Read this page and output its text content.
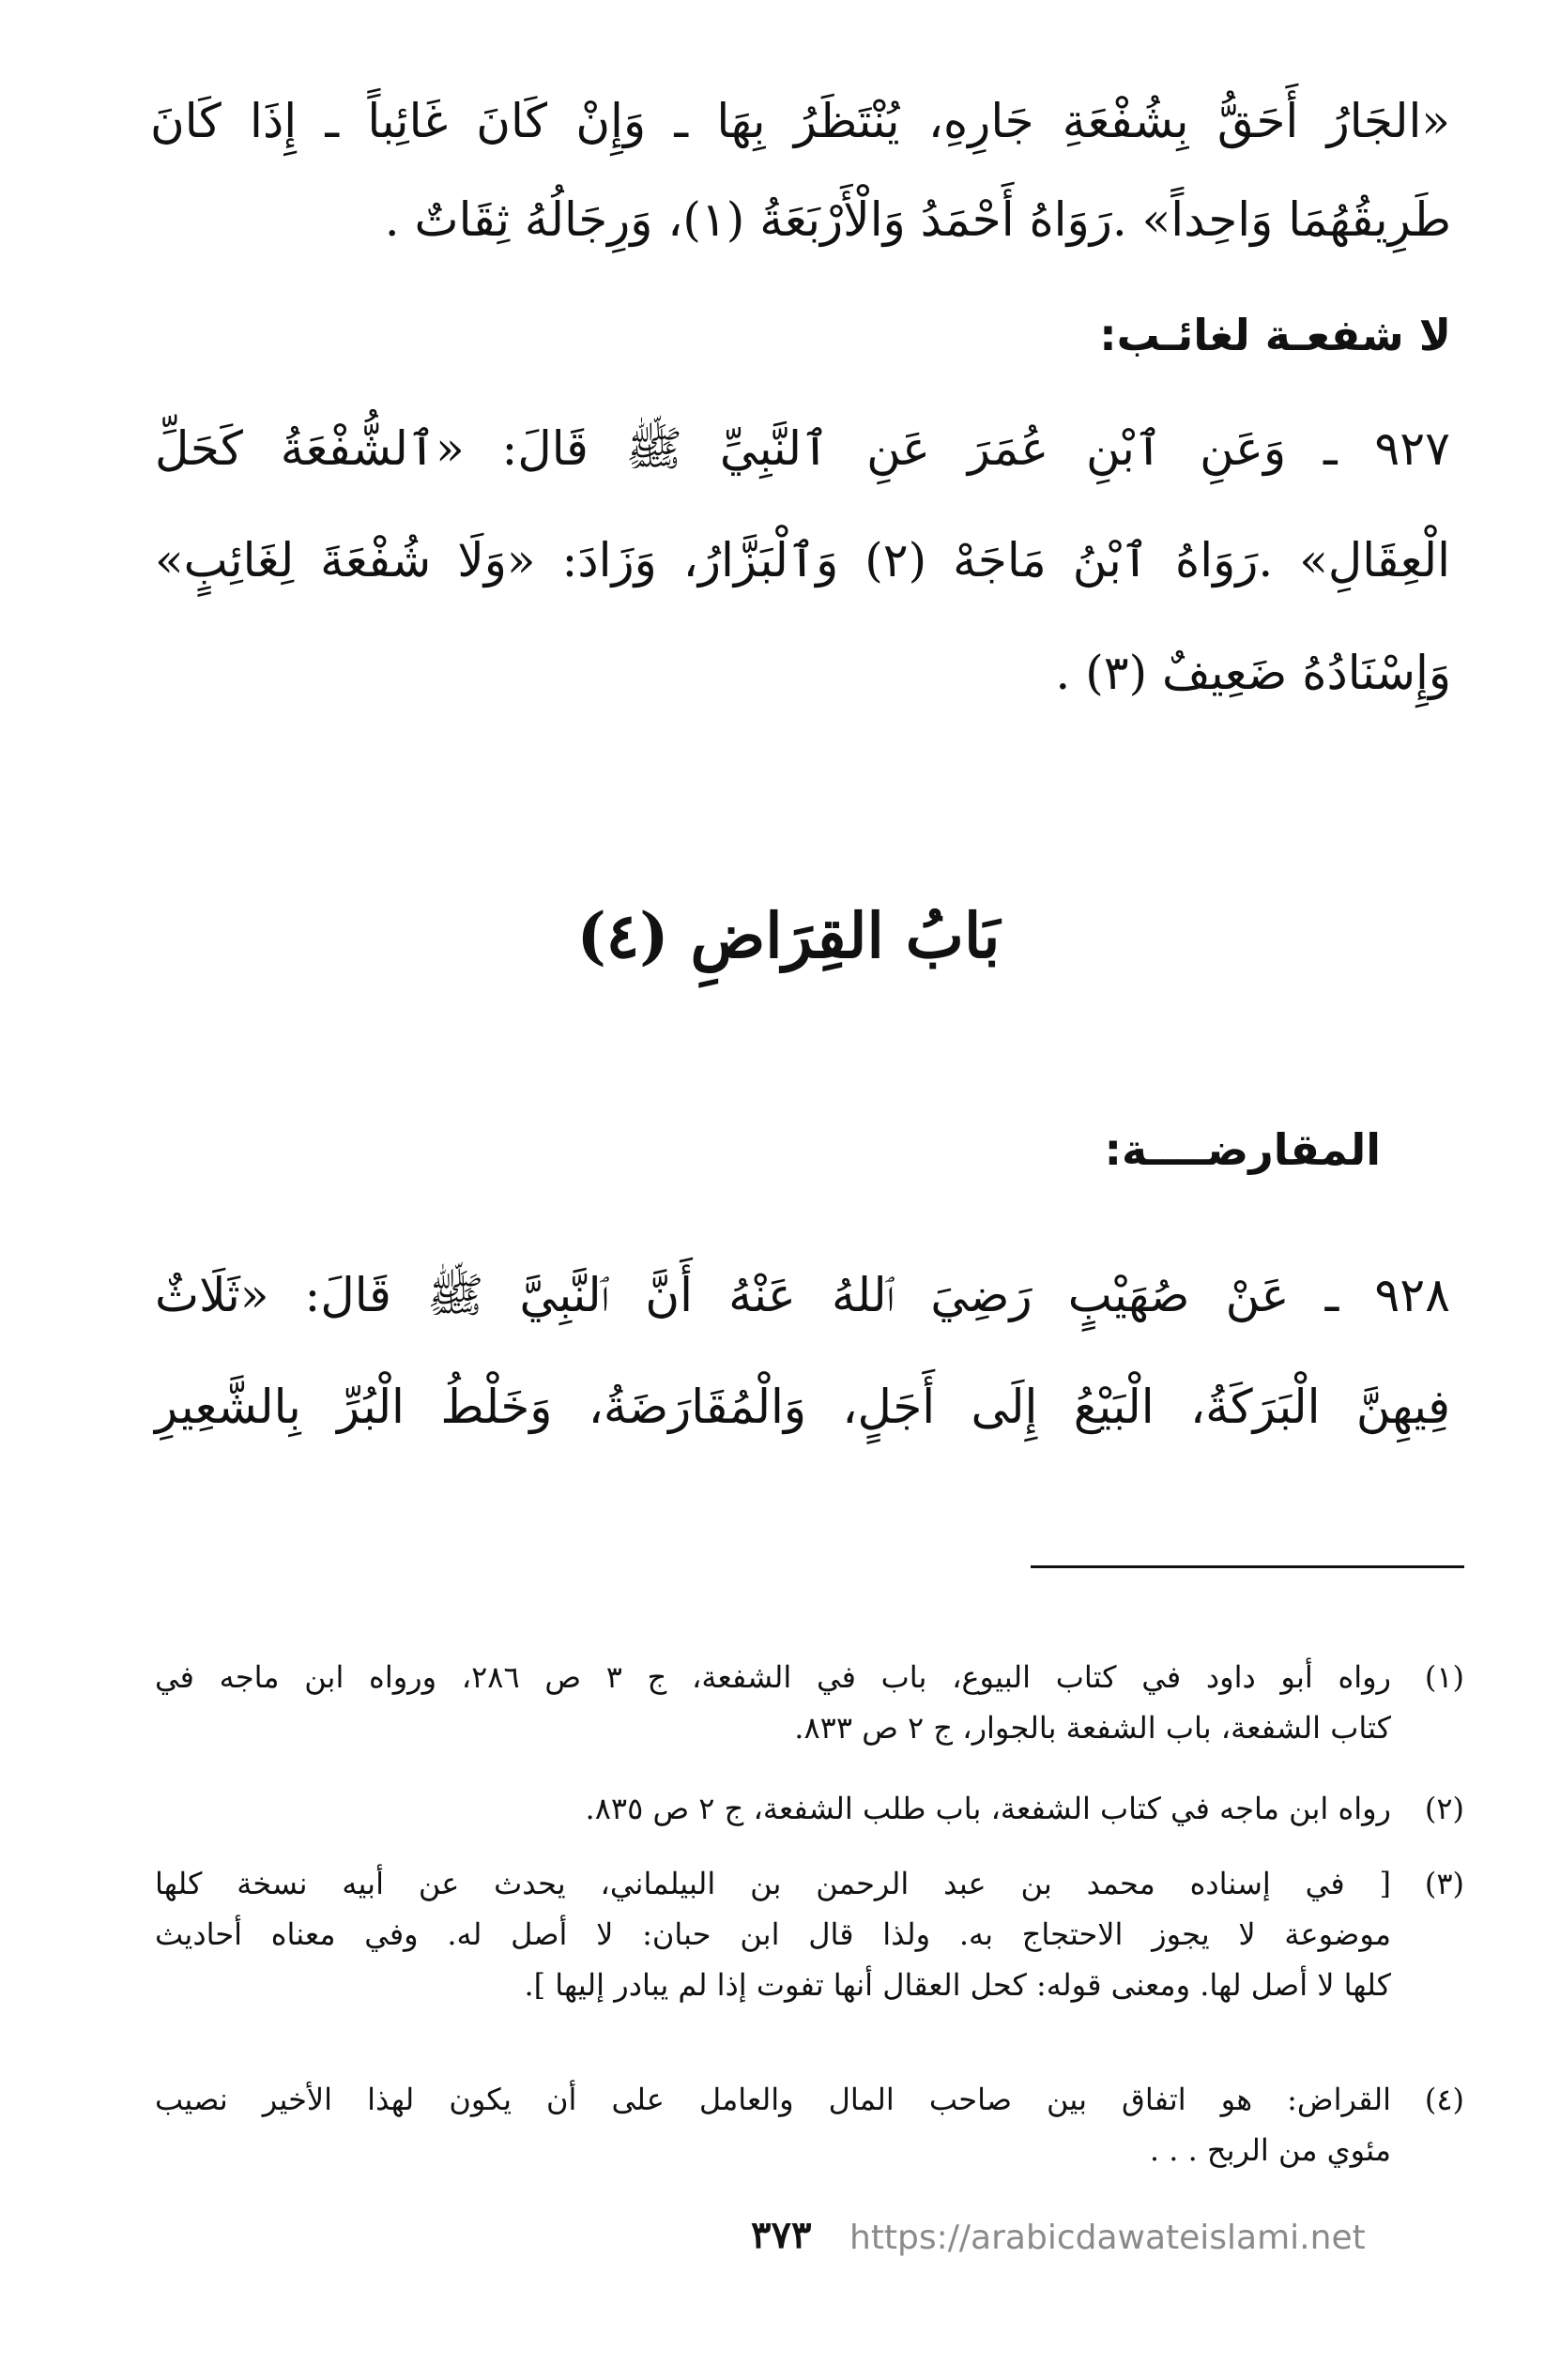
«الجَارُ أَحَقُّ بِشُفْعَةِ جَارِهِ، يُنْتَظَرُ بِهَا ـ وَإِنْ كَانَ غَائِباً ـ إِذَا كَانَ
طَرِيقُهُمَا وَاحِداً» .رَوَاهُ أَحْمَدُ وَالْأَرْبَعَةُ (١)، وَرِجَالُهُ ثِقَاتٌ .
لا شفعـة لغائـب:
٩٢٧ ـ وَعَنِ ٱبْنِ عُمَرَ عَنِ ٱلنَّبِيِّ ﷺ قَالَ: «ٱلشُّفْعَةُ كَحَلِّ
الْعِقَالِ» .رَوَاهُ ٱبْنُ مَاجَهْ (٢) وَٱلْبَزَّارُ، وَزَادَ: «وَلَا شُفْعَةَ لِغَائِبٍ»
وَإِسْنَادُهُ ضَعِيفٌ (٣) .
بَابُ القِرَاضِ (٤)
المقارضــــة:
٩٢٨ ـ عَنْ صُهَيْبٍ رَضِيَ ٱللهُ عَنْهُ أَنَّ ٱلنَّبِيَّ ﷺ قَالَ: «ثَلَاثٌ
فِيهِنَّ الْبَرَكَةُ، الْبَيْعُ إِلَى أَجَلٍ، وَالْمُقَارَضَةُ، وَخَلْطُ الْبُرِّ بِالشَّعِيرِ
(١)
رواه أبو داود في كتاب البيوع، باب في الشفعة، ج ٣ ص ٢٨٦، ورواه ابن ماجه في
كتاب الشفعة، باب الشفعة بالجوار، ج ٢ ص ٨٣٣.
(٢)
رواه ابن ماجه في كتاب الشفعة، باب طلب الشفعة، ج ٢ ص ٨٣٥.
(٣)
[ في إسناده محمد بن عبد الرحمن بن البيلماني، يحدث عن أبيه نسخة كلها
موضوعة لا يجوز الاحتجاج به. ولذا قال ابن حبان: لا أصل له. وفي معناه أحاديث
كلها لا أصل لها. ومعنى قوله: كحل العقال أنها تفوت إذا لم يبادر إليها ].
(٤)
القراض: هو اتفاق بين صاحب المال والعامل على أن يكون لهذا الأخير نصيب
مئوي من الربح . . .
٣٧٣ https://arabicdawateislami.net
